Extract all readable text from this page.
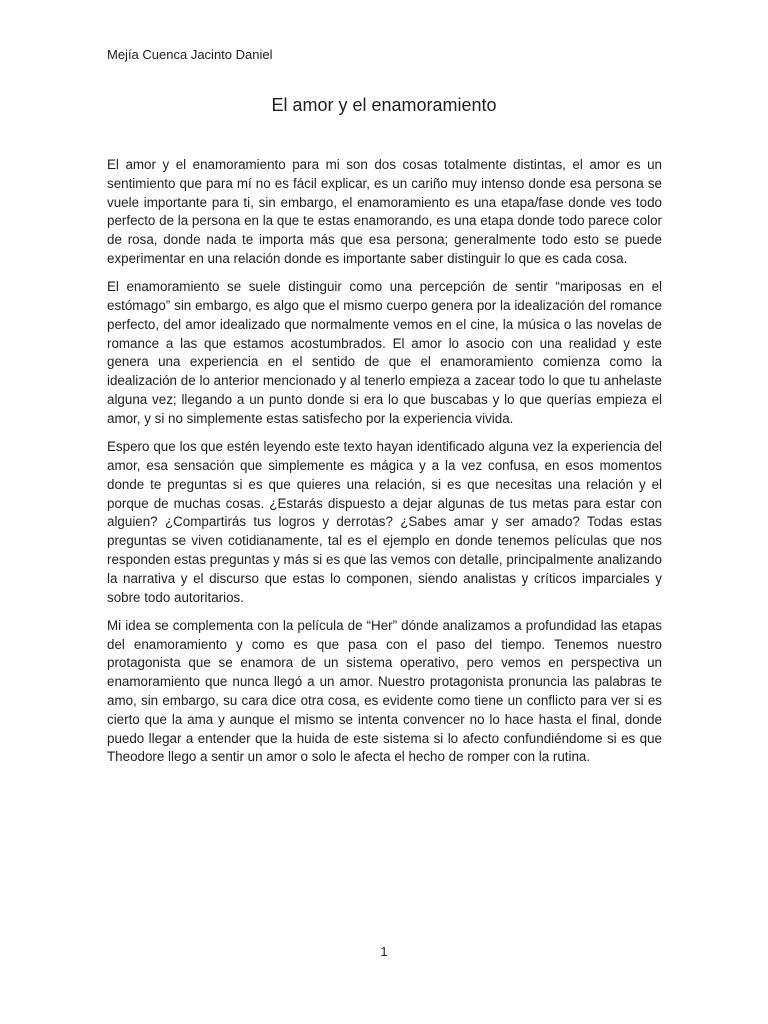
Mejía Cuenca Jacinto Daniel
El amor y el enamoramiento

El amor y el enamoramiento para mi son dos cosas totalmente distintas, el amor es un sentimiento que para mí no es fácil explicar, es un cariño muy intenso donde esa persona se vuele importante para ti, sin embargo, el enamoramiento es una etapa/fase donde ves todo perfecto de la persona en la que te estas enamorando, es una etapa donde todo parece color de rosa, donde nada te importa más que esa persona; generalmente todo esto se puede experimentar en una relación donde es importante saber distinguir lo que es cada cosa.

El enamoramiento se suele distinguir como una percepción de sentir “mariposas en el estómago” sin embargo, es algo que el mismo cuerpo genera por la idealización del romance perfecto, del amor idealizado que normalmente vemos en el cine, la música o las novelas de romance a las que estamos acostumbrados. El amor lo asocio con una realidad y este genera una experiencia en el sentido de que el enamoramiento comienza como la idealización de lo anterior mencionado y al tenerlo empieza a zacear todo lo que tu anhelaste alguna vez; llegando a un punto donde si era lo que buscabas y lo que querías empieza el amor, y si no simplemente estas satisfecho por la experiencia vivida.

Espero que los que estén leyendo este texto hayan identificado alguna vez la experiencia del amor, esa sensación que simplemente es mágica y a la vez confusa, en esos momentos donde te preguntas si es que quieres una relación, si es que necesitas una relación y el porque de muchas cosas. ¿Estarás dispuesto a dejar algunas de tus metas para estar con alguien? ¿Compartirás tus logros y derrotas? ¿Sabes amar y ser amado? Todas estas preguntas se viven cotidianamente, tal es el ejemplo en donde tenemos películas que nos responden estas preguntas y más si es que las vemos con detalle, principalmente analizando la narrativa y el discurso que estas lo componen, siendo analistas y críticos imparciales y sobre todo autoritarios.

Mi idea se complementa con la película de “Her” dónde analizamos a profundidad las etapas del enamoramiento y como es que pasa con el paso del tiempo. Tenemos nuestro protagonista que se enamora de un sistema operativo, pero vemos en perspectiva un enamoramiento que nunca llegó a un amor. Nuestro protagonista pronuncia las palabras te amo, sin embargo, su cara dice otra cosa, es evidente como tiene un conflicto para ver si es cierto que la ama y aunque el mismo se intenta convencer no lo hace hasta el final, donde puedo llegar a entender que la huida de este sistema si lo afecto confundiéndome si es que Theodore llego a sentir un amor o solo le afecta el hecho de romper con la rutina.

1
